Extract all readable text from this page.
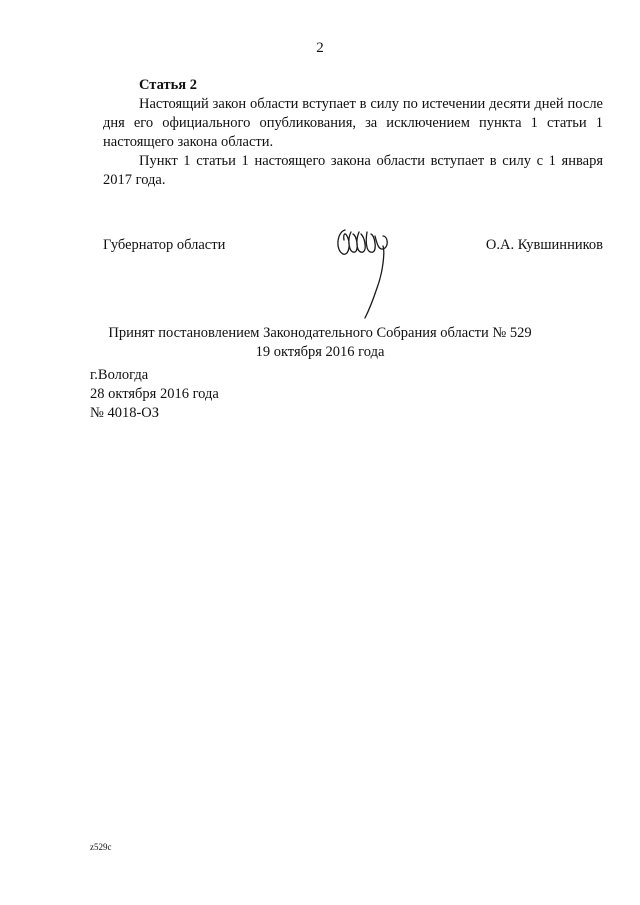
2
Статья 2

Настоящий закон области вступает в силу по истечении десяти дней после дня его официального опубликования, за исключением пункта 1 статьи 1 настоящего закона области.

Пункт 1 статьи 1 настоящего закона области вступает в силу с 1 января 2017 года.

Губернатор области	О.А. Кувшинников
Принят постановлением Законодательного Собрания области № 529
19 октября 2016 года
г.Вологда
28 октября 2016 года
№ 4018-ОЗ
z529c
